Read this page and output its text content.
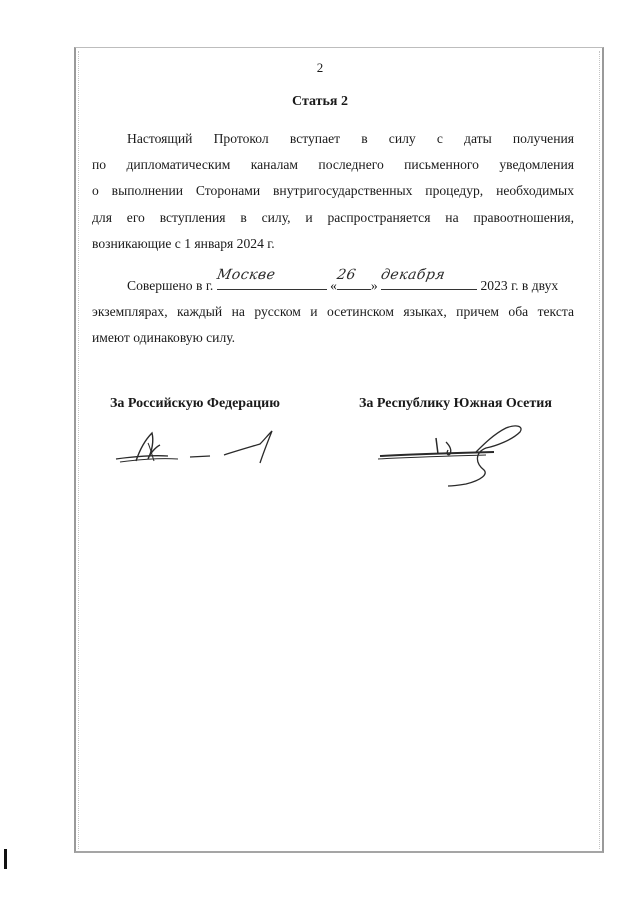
2
Статья 2

Настоящий Протокол вступает в силу с даты получения
по дипломатическим каналам последнего письменного уведомления
о выполнении Сторонами внутригосударственных процедур, необходимых
для его вступления в силу, и распространяется на правоотношения,
возникающие с 1 января 2024 г.

Совершено в г.
Москве
«
26
»
декабря
2023 г. в двух
экземплярах, каждый на русском и осетинском языках, причем оба текста
имеют одинаковую силу.
За Российскую Федерацию	За Республику Южная Осетия
